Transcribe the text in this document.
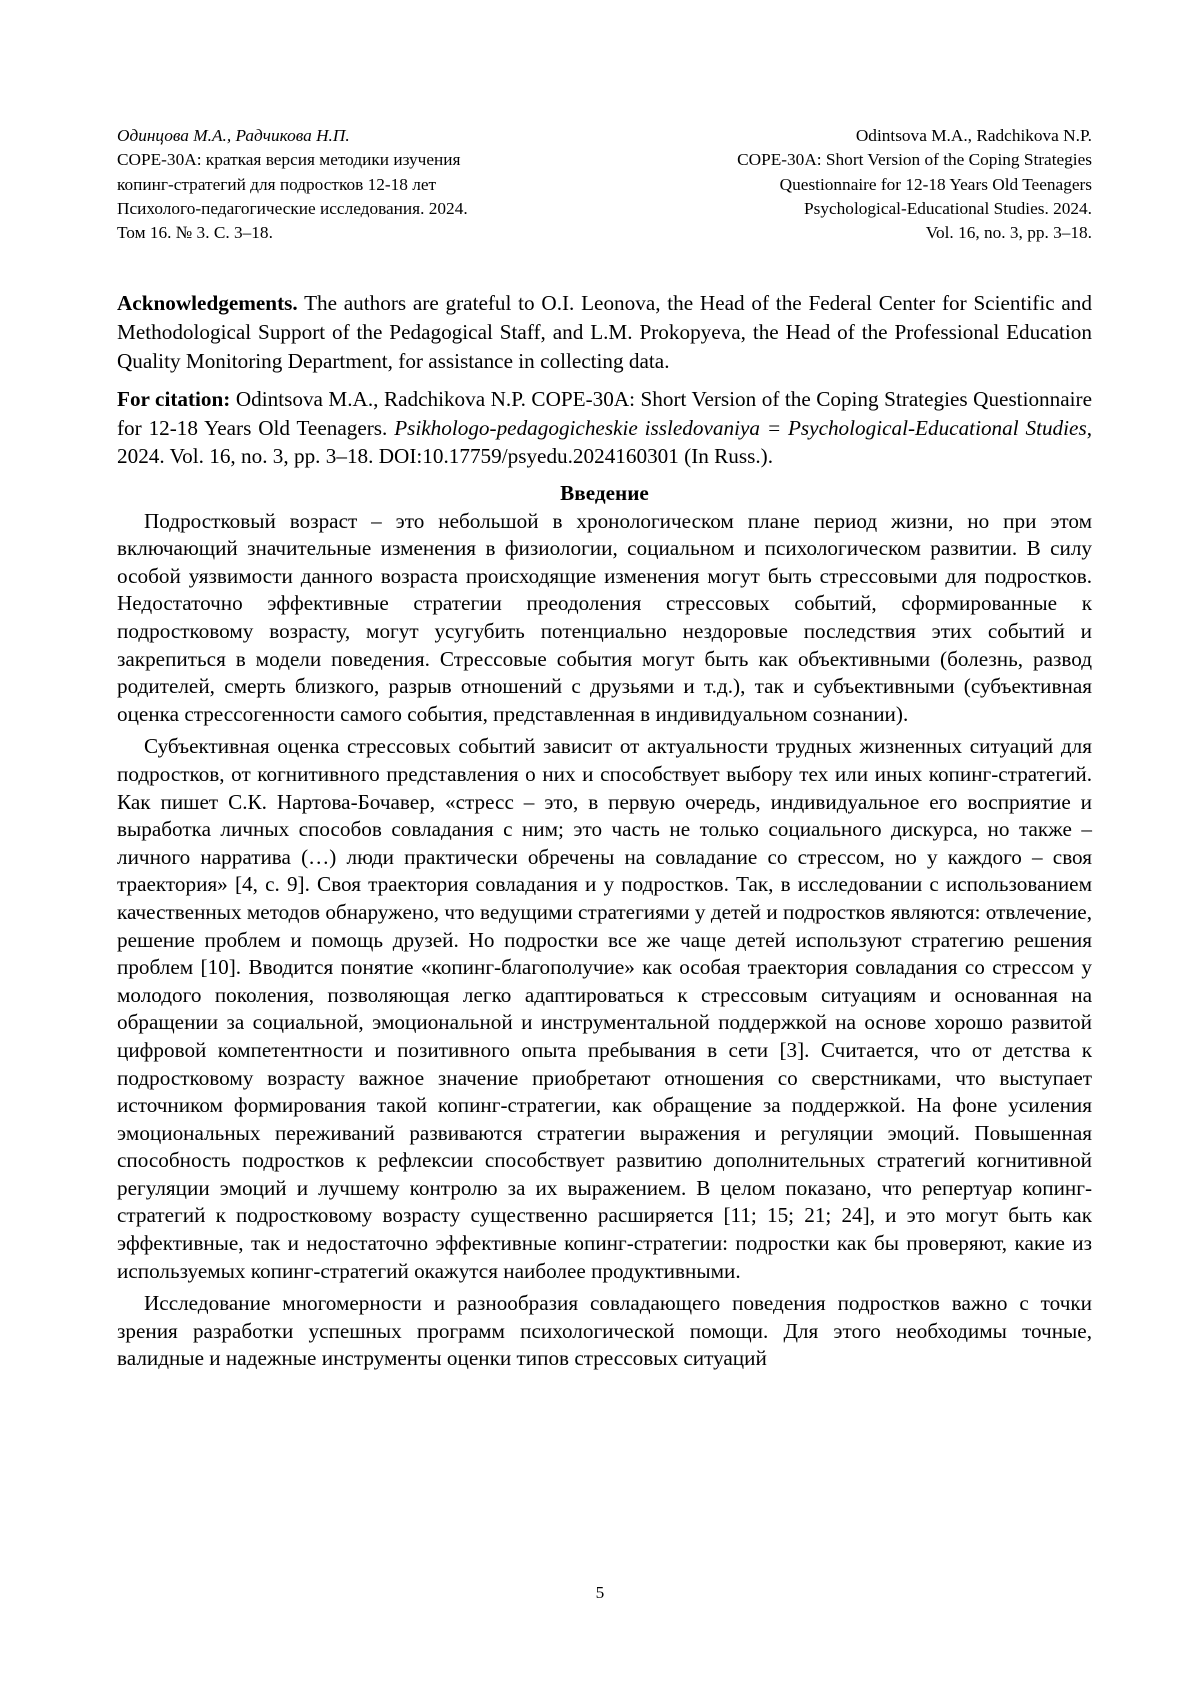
Одинцова М.А., Радчикова Н.П.
COPE-30A: краткая версия методики изучения
копинг-стратегий для подростков 12-18 лет
Психолого-педагогические исследования. 2024.
Том 16. № 3. С. 3–18.
Odintsova M.A., Radchikova N.P.
COPE-30A: Short Version of the Coping Strategies
Questionnaire for 12-18 Years Old Teenagers
Psychological-Educational Studies. 2024.
Vol. 16, no. 3, pp. 3–18.
Acknowledgements. The authors are grateful to O.I. Leonova, the Head of the Federal Center for Scientific and Methodological Support of the Pedagogical Staff, and L.M. Prokopyeva, the Head of the Professional Education Quality Monitoring Department, for assistance in collecting data.
For citation: Odintsova M.A., Radchikova N.P. COPE-30A: Short Version of the Coping Strategies Questionnaire for 12-18 Years Old Teenagers. Psikhologo-pedagogicheskie issledovaniya = Psychological-Educational Studies, 2024. Vol. 16, no. 3, pp. 3–18. DOI:10.17759/psyedu.2024160301 (In Russ.).
Введение

Подростковый возраст – это небольшой в хронологическом плане период жизни, но при этом включающий значительные изменения в физиологии, социальном и психологическом развитии. В силу особой уязвимости данного возраста происходящие изменения могут быть стрессовыми для подростков. Недостаточно эффективные стратегии преодоления стрессовых событий, сформированные к подростковому возрасту, могут усугубить потенциально нездоровые последствия этих событий и закрепиться в модели поведения. Стрессовые события могут быть как объективными (болезнь, развод родителей, смерть близкого, разрыв отношений с друзьями и т.д.), так и субъективными (субъективная оценка стрессогенности самого события, представленная в индивидуальном сознании).

Субъективная оценка стрессовых событий зависит от актуальности трудных жизненных ситуаций для подростков, от когнитивного представления о них и способствует выбору тех или иных копинг-стратегий. Как пишет С.К. Нартова-Бочавер, «стресс – это, в первую очередь, индивидуальное его восприятие и выработка личных способов совладания с ним; это часть не только социального дискурса, но также – личного нарратива (…) люди практически обречены на совладание со стрессом, но у каждого – своя траектория» [4, с. 9]. Своя траектория совладания и у подростков. Так, в исследовании с использованием качественных методов обнаружено, что ведущими стратегиями у детей и подростков являются: отвлечение, решение проблем и помощь друзей. Но подростки все же чаще детей используют стратегию решения проблем [10]. Вводится понятие «копинг-благополучие» как особая траектория совладания со стрессом у молодого поколения, позволяющая легко адаптироваться к стрессовым ситуациям и основанная на обращении за социальной, эмоциональной и инструментальной поддержкой на основе хорошо развитой цифровой компетентности и позитивного опыта пребывания в сети [3]. Считается, что от детства к подростковому возрасту важное значение приобретают отношения со сверстниками, что выступает источником формирования такой копинг-стратегии, как обращение за поддержкой. На фоне усиления эмоциональных переживаний развиваются стратегии выражения и регуляции эмоций. Повышенная способность подростков к рефлексии способствует развитию дополнительных стратегий когнитивной регуляции эмоций и лучшему контролю за их выражением. В целом показано, что репертуар копинг-стратегий к подростковому возрасту существенно расширяется [11; 15; 21; 24], и это могут быть как эффективные, так и недостаточно эффективные копинг-стратегии: подростки как бы проверяют, какие из используемых копинг-стратегий окажутся наиболее продуктивными.

Исследование многомерности и разнообразия совладающего поведения подростков важно с точки зрения разработки успешных программ психологической помощи. Для этого необходимы точные, валидные и надежные инструменты оценки типов стрессовых ситуаций

5
